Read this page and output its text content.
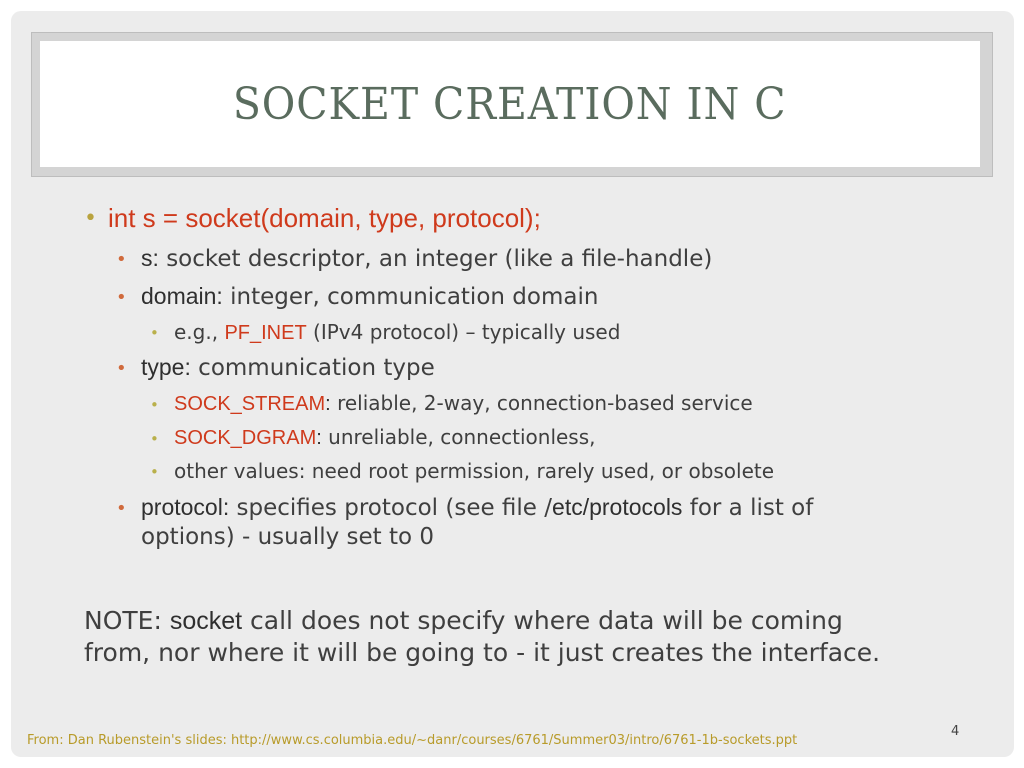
SOCKET CREATION IN C
• int s = socket(domain, type, protocol);
• s: socket descriptor, an integer (like a file-handle)
• domain: integer, communication domain
• e.g., PF_INET (IPv4 protocol) – typically used
• type: communication type
• SOCK_STREAM: reliable, 2-way, connection-based service
• SOCK_DGRAM: unreliable, connectionless,
• other values: need root permission, rarely used, or obsolete
• protocol: specifies protocol (see file /etc/protocols for a list of
options) - usually set to 0
NOTE: socket call does not specify where data will be coming
from, nor where it will be going to - it just creates the interface.
From: Dan Rubenstein's slides: http://www.cs.columbia.edu/~danr/courses/6761/Summer03/intro/6761-1b-sockets.ppt
4
